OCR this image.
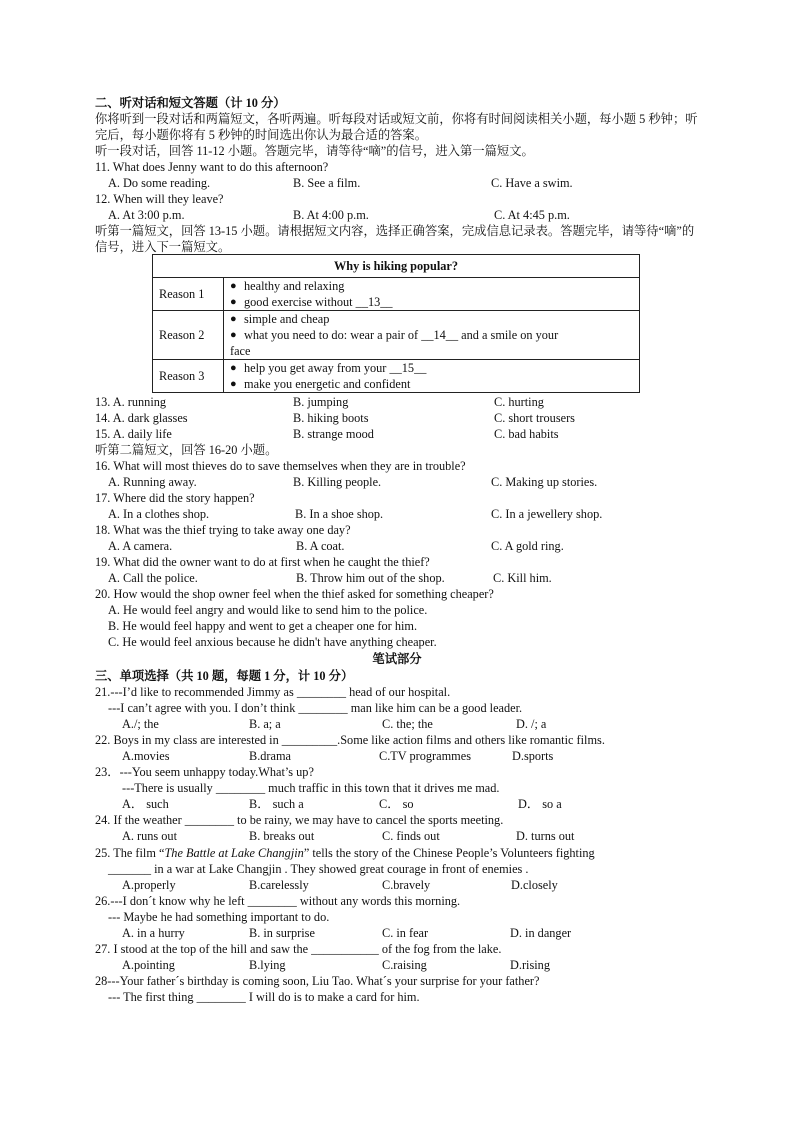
二、听对话和短文答题（计 10 分）
你将听到一段对话和两篇短文，各听两遍。听每段对话或短文前，你将有时间阅读相关小题，每小题 5 秒钟；听完后，每小题你将有 5 秒钟的时间选出你认为最合适的答案。
听一段对话，回答 11-12 小题。答题完毕，请等待“嘀”的信号，进入第一篇短文。
11. What does Jenny want to do this afternoon?
A. Do some reading.	B. See a film.	C. Have a swim.
12. When will they leave?
A. At 3:00 p.m.	B. At 4:00 p.m.	C. At 4:45 p.m.
听第一篇短文，回答 13-15 小题。请根据短文内容，选择正确答案，完成信息记录表。答题完毕，请等待“嘀”的信号，进入下一篇短文。
Why is hiking popular?	
Reason 1	● healthy and relaxing
● good exercise without __13__

Reason 2	● simple and cheap
● what you need to do: wear a pair of __14__ and a smile on your
face

Reason 3	● help you get away from your __15__
● make you energetic and confident
13. A. running	B. jumping	C. hurting
14. A. dark glasses	B. hiking boots	C. short trousers
15. A. daily life	B. strange mood	C. bad habits
听第二篇短文，回答 16-20 小题。
16. What will most thieves do to save themselves when they are in trouble?
A. Running away.	B. Killing people.	C. Making up stories.
17. Where did the story happen?
A. In a clothes shop.	B. In a shoe shop.	C. In a jewellery shop.
18. What was the thief trying to take away one day?
A. A camera.	B. A coat.	C. A gold ring.
19. What did the owner want to do at first when he caught the thief?
A. Call the police.	B. Throw him out of the shop.	C. Kill him.
20. How would the shop owner feel when the thief asked for something cheaper?
A. He would feel angry and would like to send him to the police.
B. He would feel happy and went to get a cheaper one for him.
C. He would feel anxious because he didn't have anything cheaper.
笔试部分
三、单项选择（共 10 题，每题 1 分，计 10 分）
21.---I’d like to recommended Jimmy as ________ head of our hospital.
---I can’t agree with you. I don’t think ________ man like him can be a good leader.
A./; the	B. a; a	C. the; the	D. /; a
22. Boys in my class are interested in _________.Some like action films and others like romantic films.
A.movies	B.drama	C.TV programmes	D.sports
23．---You seem unhappy today.What’s up?
---There is usually ________ much traffic in this town that it drives me mad.
A． such	B． such a	C． so	D． so a
24. If the weather ________ to be rainy, we may have to cancel the sports meeting.
A. runs out	B. breaks out	C. finds out	D. turns out
25. The film “The Battle at Lake Changjin” tells the story of the Chinese People’s Volunteers fighting
_______ in a war at Lake Changjin . They showed great courage in front of enemies .
A.properly	B.carelessly	C.bravely	D.closely
26.---I don´t know why he left ________ without any words this morning.
--- Maybe he had something important to do.
A. in a hurry	B. in surprise	C. in fear	D. in danger
27. I stood at the top of the hill and saw the ___________ of the fog from the lake.
A.pointing	B.lying	C.raising	D.rising
28---Your father´s birthday is coming soon, Liu Tao. What´s your surprise for your father?
--- The first thing ________ I will do is to make a card for him.
